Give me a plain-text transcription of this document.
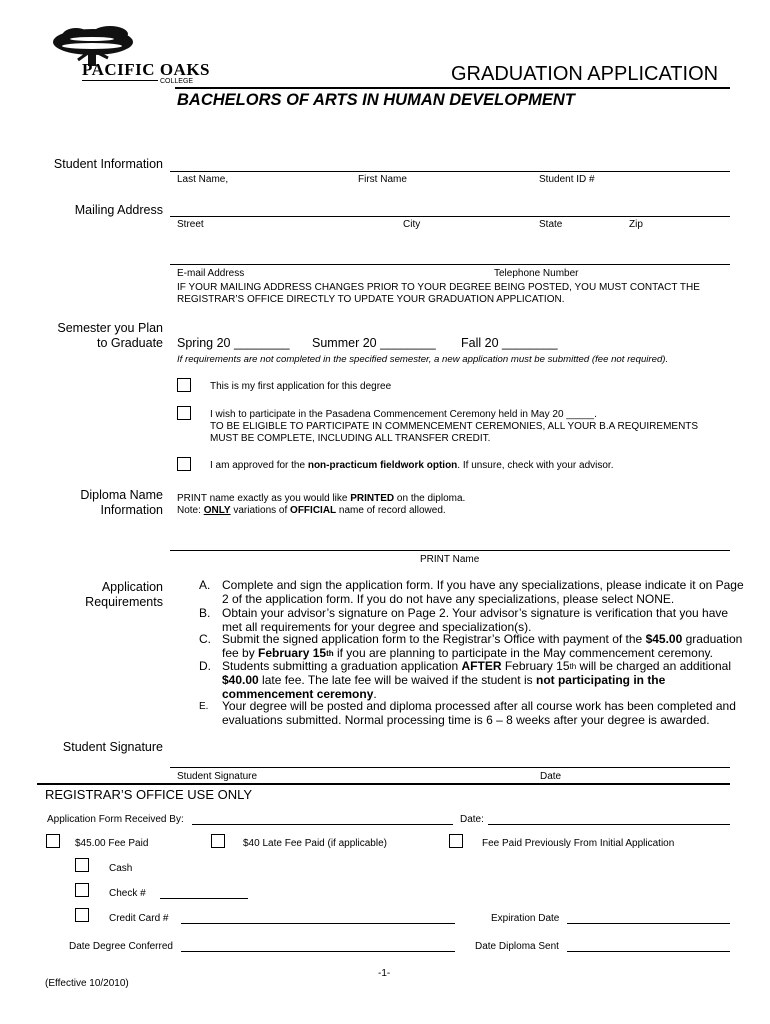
PACIFIC OAKS
COLLEGE	GRADUATION APPLICATION
BACHELORS OF ARTS IN HUMAN DEVELOPMENT
Student Information
Last Name,	First Name	Student ID #
Mailing Address
Street	City	State	Zip
E-mail Address	Telephone Number
IF YOUR MAILING ADDRESS CHANGES PRIOR TO YOUR DEGREE BEING POSTED, YOU MUST CONTACT THE
REGISTRAR’S OFFICE DIRECTLY TO UPDATE YOUR GRADUATION APPLICATION.
Semester you Plan
to Graduate Spring 20 ________ Summer 20 ________ Fall 20 ________
If requirements are not completed in the specified semester, a new application must be submitted (fee not required).
This is my first application for this degree
I wish to participate in the Pasadena Commencement Ceremony held in May 20 _____.
TO BE ELIGIBLE TO PARTICIPATE IN COMMENCEMENT CEREMONIES, ALL YOUR B.A REQUIREMENTS
MUST BE COMPLETE, INCLUDING ALL TRANSFER CREDIT.
I am approved for the non-practicum fieldwork option. If unsure, check with your advisor.
Diploma Name
Information
PRINT name exactly as you would like PRINTED on the diploma.
Note: ONLY variations of OFFICIAL name of record allowed.
PRINT Name
Application
Requirements
A. Complete and sign the application form. If you have any specializations, please indicate it on Page
2 of the application form. If you do not have any specializations, please select NONE.
B. Obtain your advisor’s signature on Page 2. Your advisor’s signature is verification that you have
met all requirements for your degree and specialization(s).
C. Submit the signed application form to the Registrar’s Office with payment of the $45.00 graduation
fee by February 15th if you are planning to participate in the May commencement ceremony.
D. Students submitting a graduation application AFTER February 15th will be charged an additional
$40.00 late fee. The late fee will be waived if the student is not participating in the
commencement ceremony.
E.	Your degree will be posted and diploma processed after all course work has been completed and
evaluations submitted. Normal processing time is 6 – 8 weeks after your degree is awarded.
Student Signature
Student Signature	Date
REGISTRAR’S OFFICE USE ONLY
Application Form Received By:	Date:
$45.00 Fee Paid	$40 Late Fee Paid (if applicable)	Fee Paid Previously From Initial Application
Cash
Check #
Credit Card #	Expiration Date
Date Degree Conferred	Date Diploma Sent
-1-
(Effective 10/2010)
